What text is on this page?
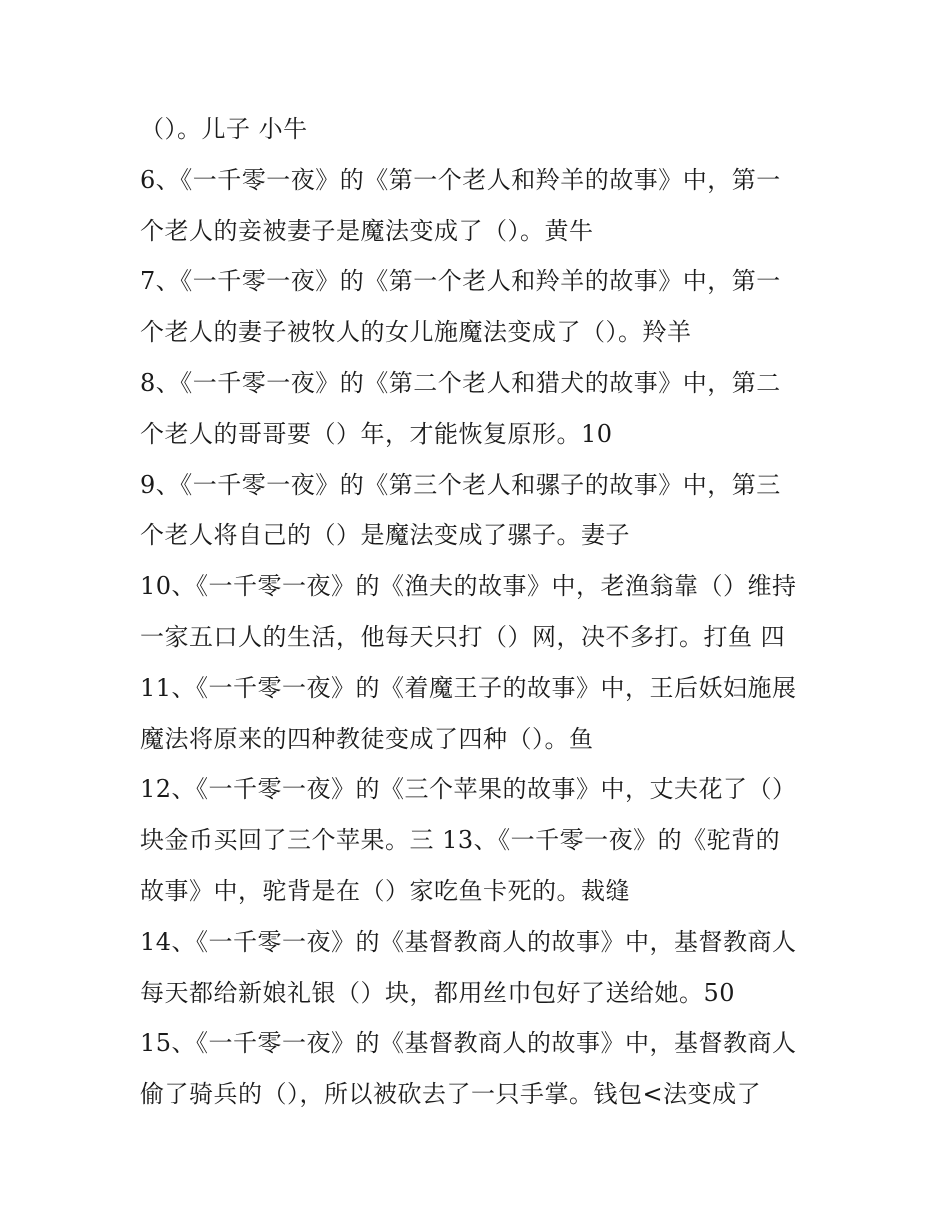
（）。儿子 小牛
6、《一千零一夜》的《第一个老人和羚羊的故事》中，第一
个老人的妾被妻子是魔法变成了（）。黄牛
7、《一千零一夜》的《第一个老人和羚羊的故事》中，第一
个老人的妻子被牧人的女儿施魔法变成了（）。羚羊
8、《一千零一夜》的《第二个老人和猎犬的故事》中，第二
个老人的哥哥要（）年，才能恢复原形。10
9、《一千零一夜》的《第三个老人和骡子的故事》中，第三
个老人将自己的（）是魔法变成了骡子。妻子
10、《一千零一夜》的《渔夫的故事》中，老渔翁靠（）维持
一家五口人的生活，他每天只打（）网，决不多打。打鱼 四
11、《一千零一夜》的《着魔王子的故事》中，王后妖妇施展
魔法将原来的四种教徒变成了四种（）。鱼
12、《一千零一夜》的《三个苹果的故事》中，丈夫花了（）
块金币买回了三个苹果。三 13、《一千零一夜》的《驼背的
故事》中，驼背是在（）家吃鱼卡死的。裁缝
14、《一千零一夜》的《基督教商人的故事》中，基督教商人
每天都给新娘礼银（）块，都用丝巾包好了送给她。50
15、《一千零一夜》的《基督教商人的故事》中，基督教商人
偷了骑兵的（），所以被砍去了一只手掌。钱包<法变成了
